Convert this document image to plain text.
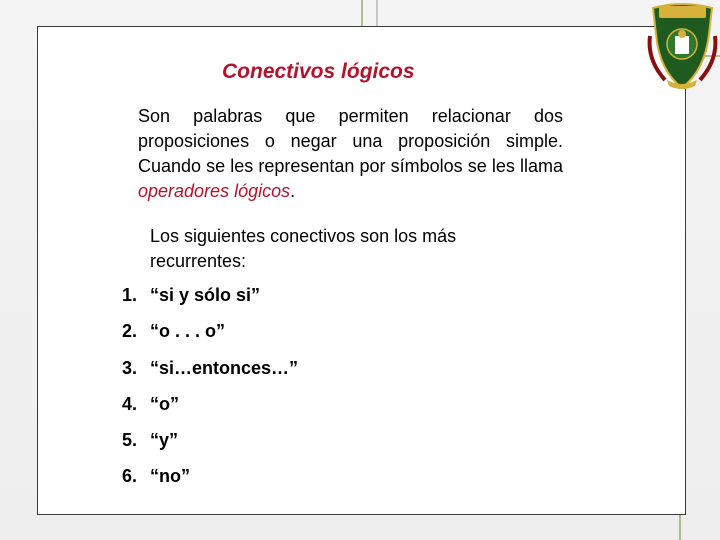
Conectivos lógicos
Son palabras que permiten relacionar dos proposiciones o negar una proposición simple. Cuando se les representan por símbolos se les llama operadores lógicos.
Los siguientes conectivos son los más recurrentes:
1. “si y sólo si”
2. “o . . . o”
3. “si…entonces…”
4. “o”
5. “y”
6. “no”
